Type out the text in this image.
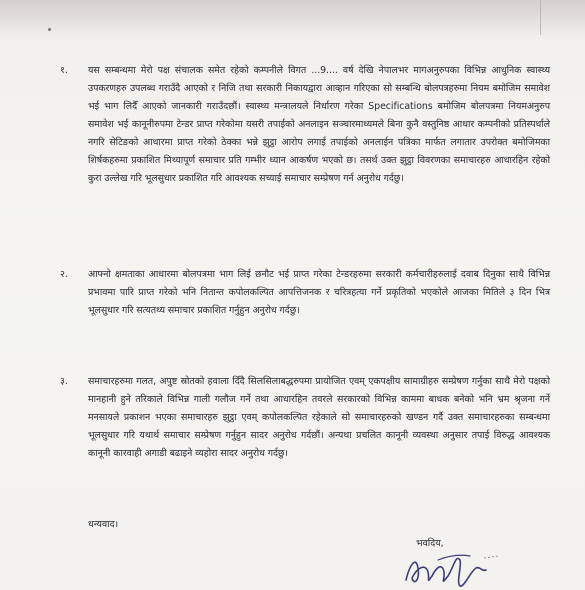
१. यस सम्बन्धमा मेरो पक्ष संचालक समेत रहेको कम्पनीले विगत ...9.... वर्ष देखि नेपालभर मागअनुरुपका विभिन्न आधुनिक स्वास्थ्य उपकरणहरु उपलब्ध गराउँदै आएको र निजि तथा सरकारी निकायद्वारा आव्हान गरिएका सो सम्बन्धि बोलपत्रहरुमा नियम बमोजिम समावेश भई भाग लिदैँ आएको जानकारी गराउँदछौं। स्वास्थ्य मन्त्रालयले निर्धारण गरेका Specifications बमोजिम बोलपत्रमा नियमअनुरुप समावेश भई कानूनीरुपमा टेन्डर प्राप्त गरेकोमा यसरी तपाईको अनलाइन सञ्चारमाध्यमले बिना कुनै वस्तुनिष्ठ आधार कम्पनीको प्रतिस्पर्धाले नगरि सेटिङको आधारमा प्राप्त गरेको ठेक्का भन्ने झुट्ठा आरोप लगाई तपाईको अनलाईन पत्रिका मार्फत लगातार उपरोक्त बमोजिमका शिर्षकहरुमा प्रकाशित मिथ्यापूर्ण समाचार प्रति गम्भीर ध्यान आकर्षण भएको छ। तसर्थ उक्त झुट्ठा विवरणका समाचारहरु आधारहिन रहेको कुरा उल्लेख गरि भूलसुधार प्रकाशित गरि आवश्यक सच्याई समाचार सम्प्रेषण गर्न अनुरोध गर्दछु।
२. आफ्नो क्षमताका आधारमा बोलपत्रमा भाग लिई छनौट भई प्राप्त गरेका टेन्डरहरुमा सरकारी कर्मचारीहरुलाई दवाब दिनुका साथै विभिन्न प्रभावमा पारि प्राप्त गरेको भनि नितान्त कपोलकल्पित आपत्तिजनक र चरित्रहत्या गर्ने प्रकृतिको भएकोले आजका मितिले ३ दिन भित्र भूलसुधार गरि सत्यतथ्य समाचार प्रकाशित गर्नुहुन अनुरोध गर्दछु।
३. समाचारहरुमा गलत, अपुष्ट स्रोतको हवाला दिँदै सिलसिलाबद्धरुपमा प्रायोजित एवम् एकपक्षीय सामाग्रीहरु सम्प्रेषण गर्नुका साथै मेरो पक्षको मानहानी हुने तरिकाले विभिन्न गाली गलौज गर्ने तथा आधारहिन तवरले सरकारको विभिन्न काममा बाधक बनेको भनि भ्रम श्रृजना गर्ने मनसायले प्रकाशन भएका समाचारहरु झुट्ठा एवम् कपोलकल्पित रहेकाले सो समाचारहरुको खण्डन गर्दै उक्त समाचारहरुका सम्बन्धमा भूलसुधार गरि यथार्थ समाचार सम्प्रेषण गर्नुहुन सादर अनुरोध गर्दछौं। अन्यथा प्रचलित कानूनी व्यवस्था अनुसार तपाई विरुद्ध आवश्यक कानूनी कारवाही अगाडी बढाइने व्यहोरा सादर अनुरोध गर्दछु।
धन्यवाद।
भवदिय,
